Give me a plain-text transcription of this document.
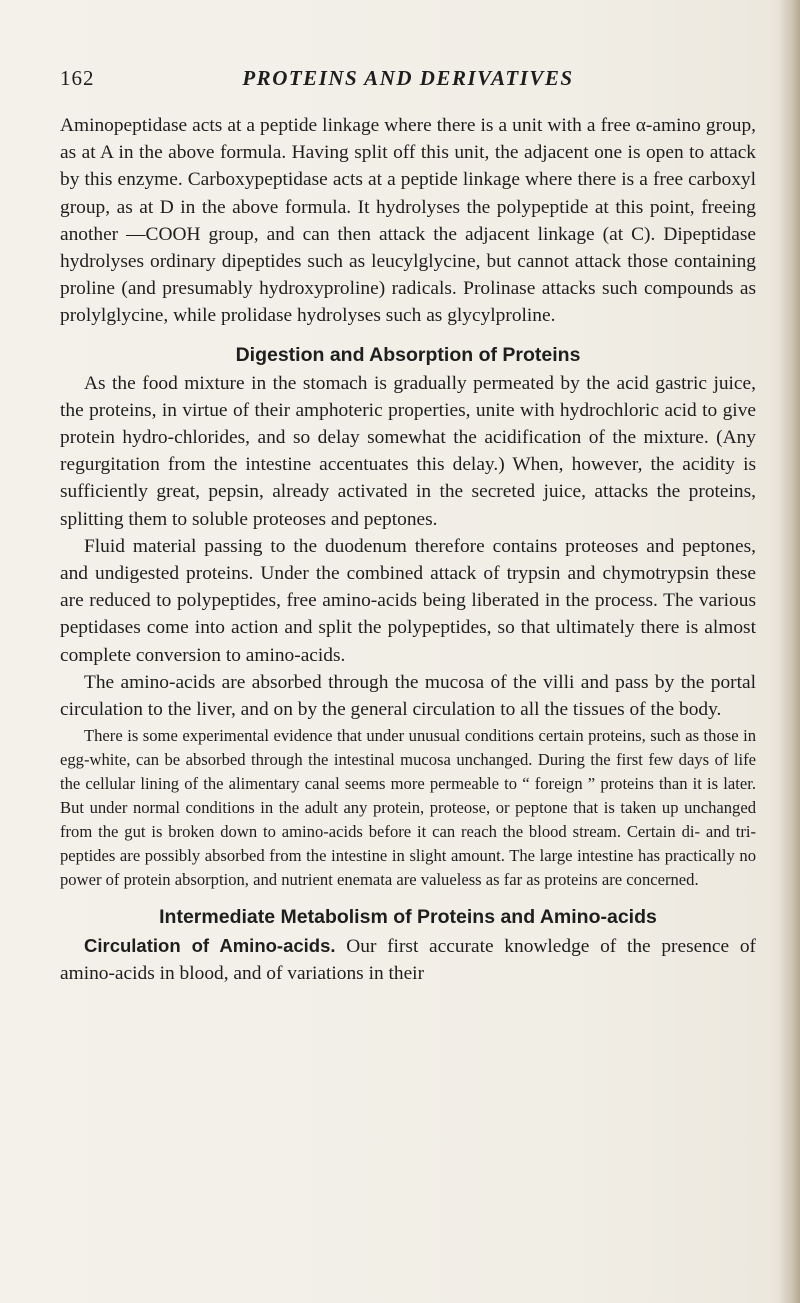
162	PROTEINS AND DERIVATIVES

Aminopeptidase acts at a peptide linkage where there is a unit with a free α-amino group, as at A in the above formula. Having split off this unit, the adjacent one is open to attack by this enzyme. Carboxypeptidase acts at a peptide linkage where there is a free carboxyl group, as at D in the above formula. It hydrolyses the polypeptide at this point, freeing another —COOH group, and can then attack the adjacent linkage (at C). Dipeptidase hydrolyses ordinary dipeptides such as leucylglycine, but cannot attack those containing proline (and presumably hydroxyproline) radicals. Prolinase attacks such compounds as prolylglycine, while prolidase hydrolyses such as glycylproline.

Digestion and Absorption of Proteins

As the food mixture in the stomach is gradually permeated by the acid gastric juice, the proteins, in virtue of their amphoteric properties, unite with hydrochloric acid to give protein hydro-chlorides, and so delay somewhat the acidification of the mixture. (Any regurgitation from the intestine accentuates this delay.) When, however, the acidity is sufficiently great, pepsin, already activated in the secreted juice, attacks the proteins, splitting them to soluble proteoses and peptones.

Fluid material passing to the duodenum therefore contains proteoses and peptones, and undigested proteins. Under the combined attack of trypsin and chymotrypsin these are reduced to polypeptides, free amino-acids being liberated in the process. The various peptidases come into action and split the polypeptides, so that ultimately there is almost complete conversion to amino-acids.

The amino-acids are absorbed through the mucosa of the villi and pass by the portal circulation to the liver, and on by the general circulation to all the tissues of the body.

There is some experimental evidence that under unusual conditions certain proteins, such as those in egg-white, can be absorbed through the intestinal mucosa unchanged. During the first few days of life the cellular lining of the alimentary canal seems more permeable to “ foreign ” proteins than it is later. But under normal conditions in the adult any protein, proteose, or peptone that is taken up unchanged from the gut is broken down to amino-acids before it can reach the blood stream. Certain di- and tri-peptides are possibly absorbed from the intestine in slight amount. The large intestine has practically no power of protein absorption, and nutrient enemata are valueless as far as proteins are concerned.

Intermediate Metabolism of Proteins and Amino-acids

Circulation of Amino-acids. Our first accurate knowledge of the presence of amino-acids in blood, and of variations in their
